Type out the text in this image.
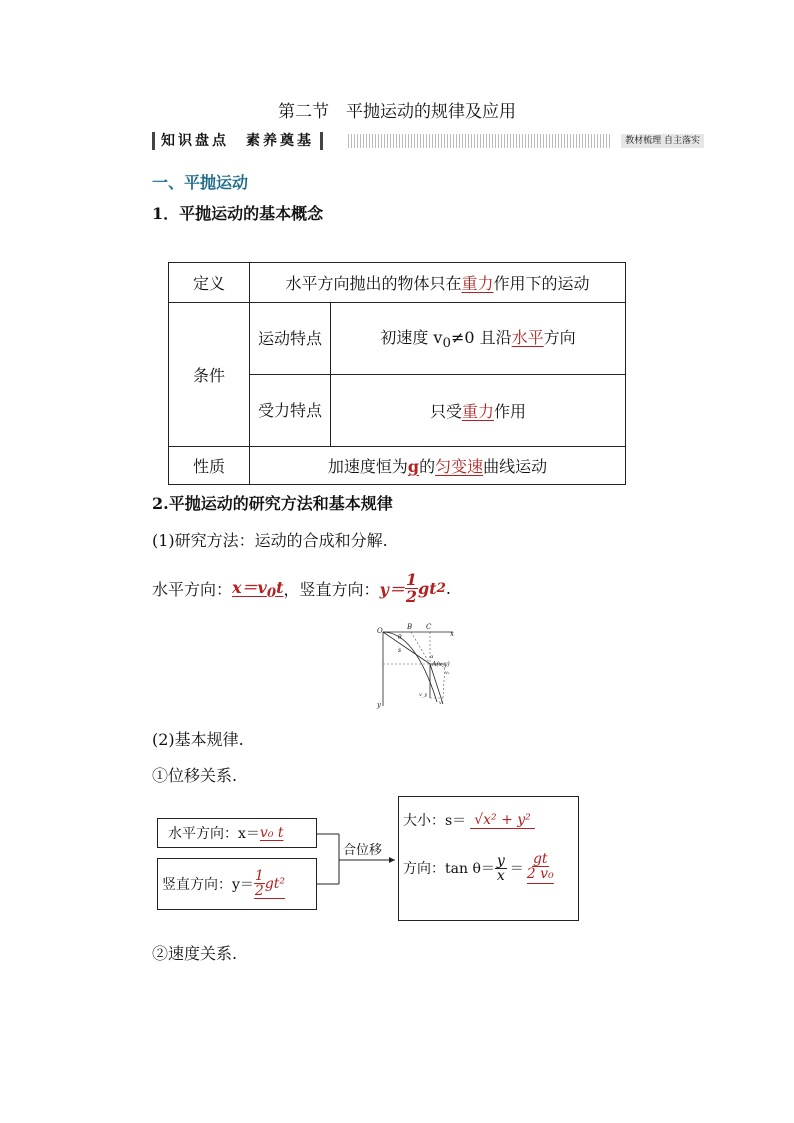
第二节　平抛运动的规律及应用
知识盘点　素养奠基	教材梳理 自主落实
一、平抛运动
1．平抛运动的基本概念
定义	水平方向抛出的物体只在重力作用下的运动	
条件	运动特点	初速度 $v_0\ne 0$ 且沿水平方向
	受力特点	只受重力作用
性质	加速度恒为g的匀变速曲线运动	
2.平抛运动的研究方法和基本规律
(1)研究方法：运动的合成和分解.
水平方向： $x=v_0t$ ，竖直方向： $y= \frac{1}{2}$ gt 2 .
O	B C
x
y
θ
s
α
A(x,y)
vₓ
v_y
v
(2)基本规律.
①位移关系.
水平方向：x＝ v₀ t
竖直方向：$y= \frac{1}{2} gt^2$
合位移
大小：s＝ √x² + y²
方向：$\tan \theta= \frac{y}{x} = \frac{gt}{\text{2 v₀}}$
②速度关系.
